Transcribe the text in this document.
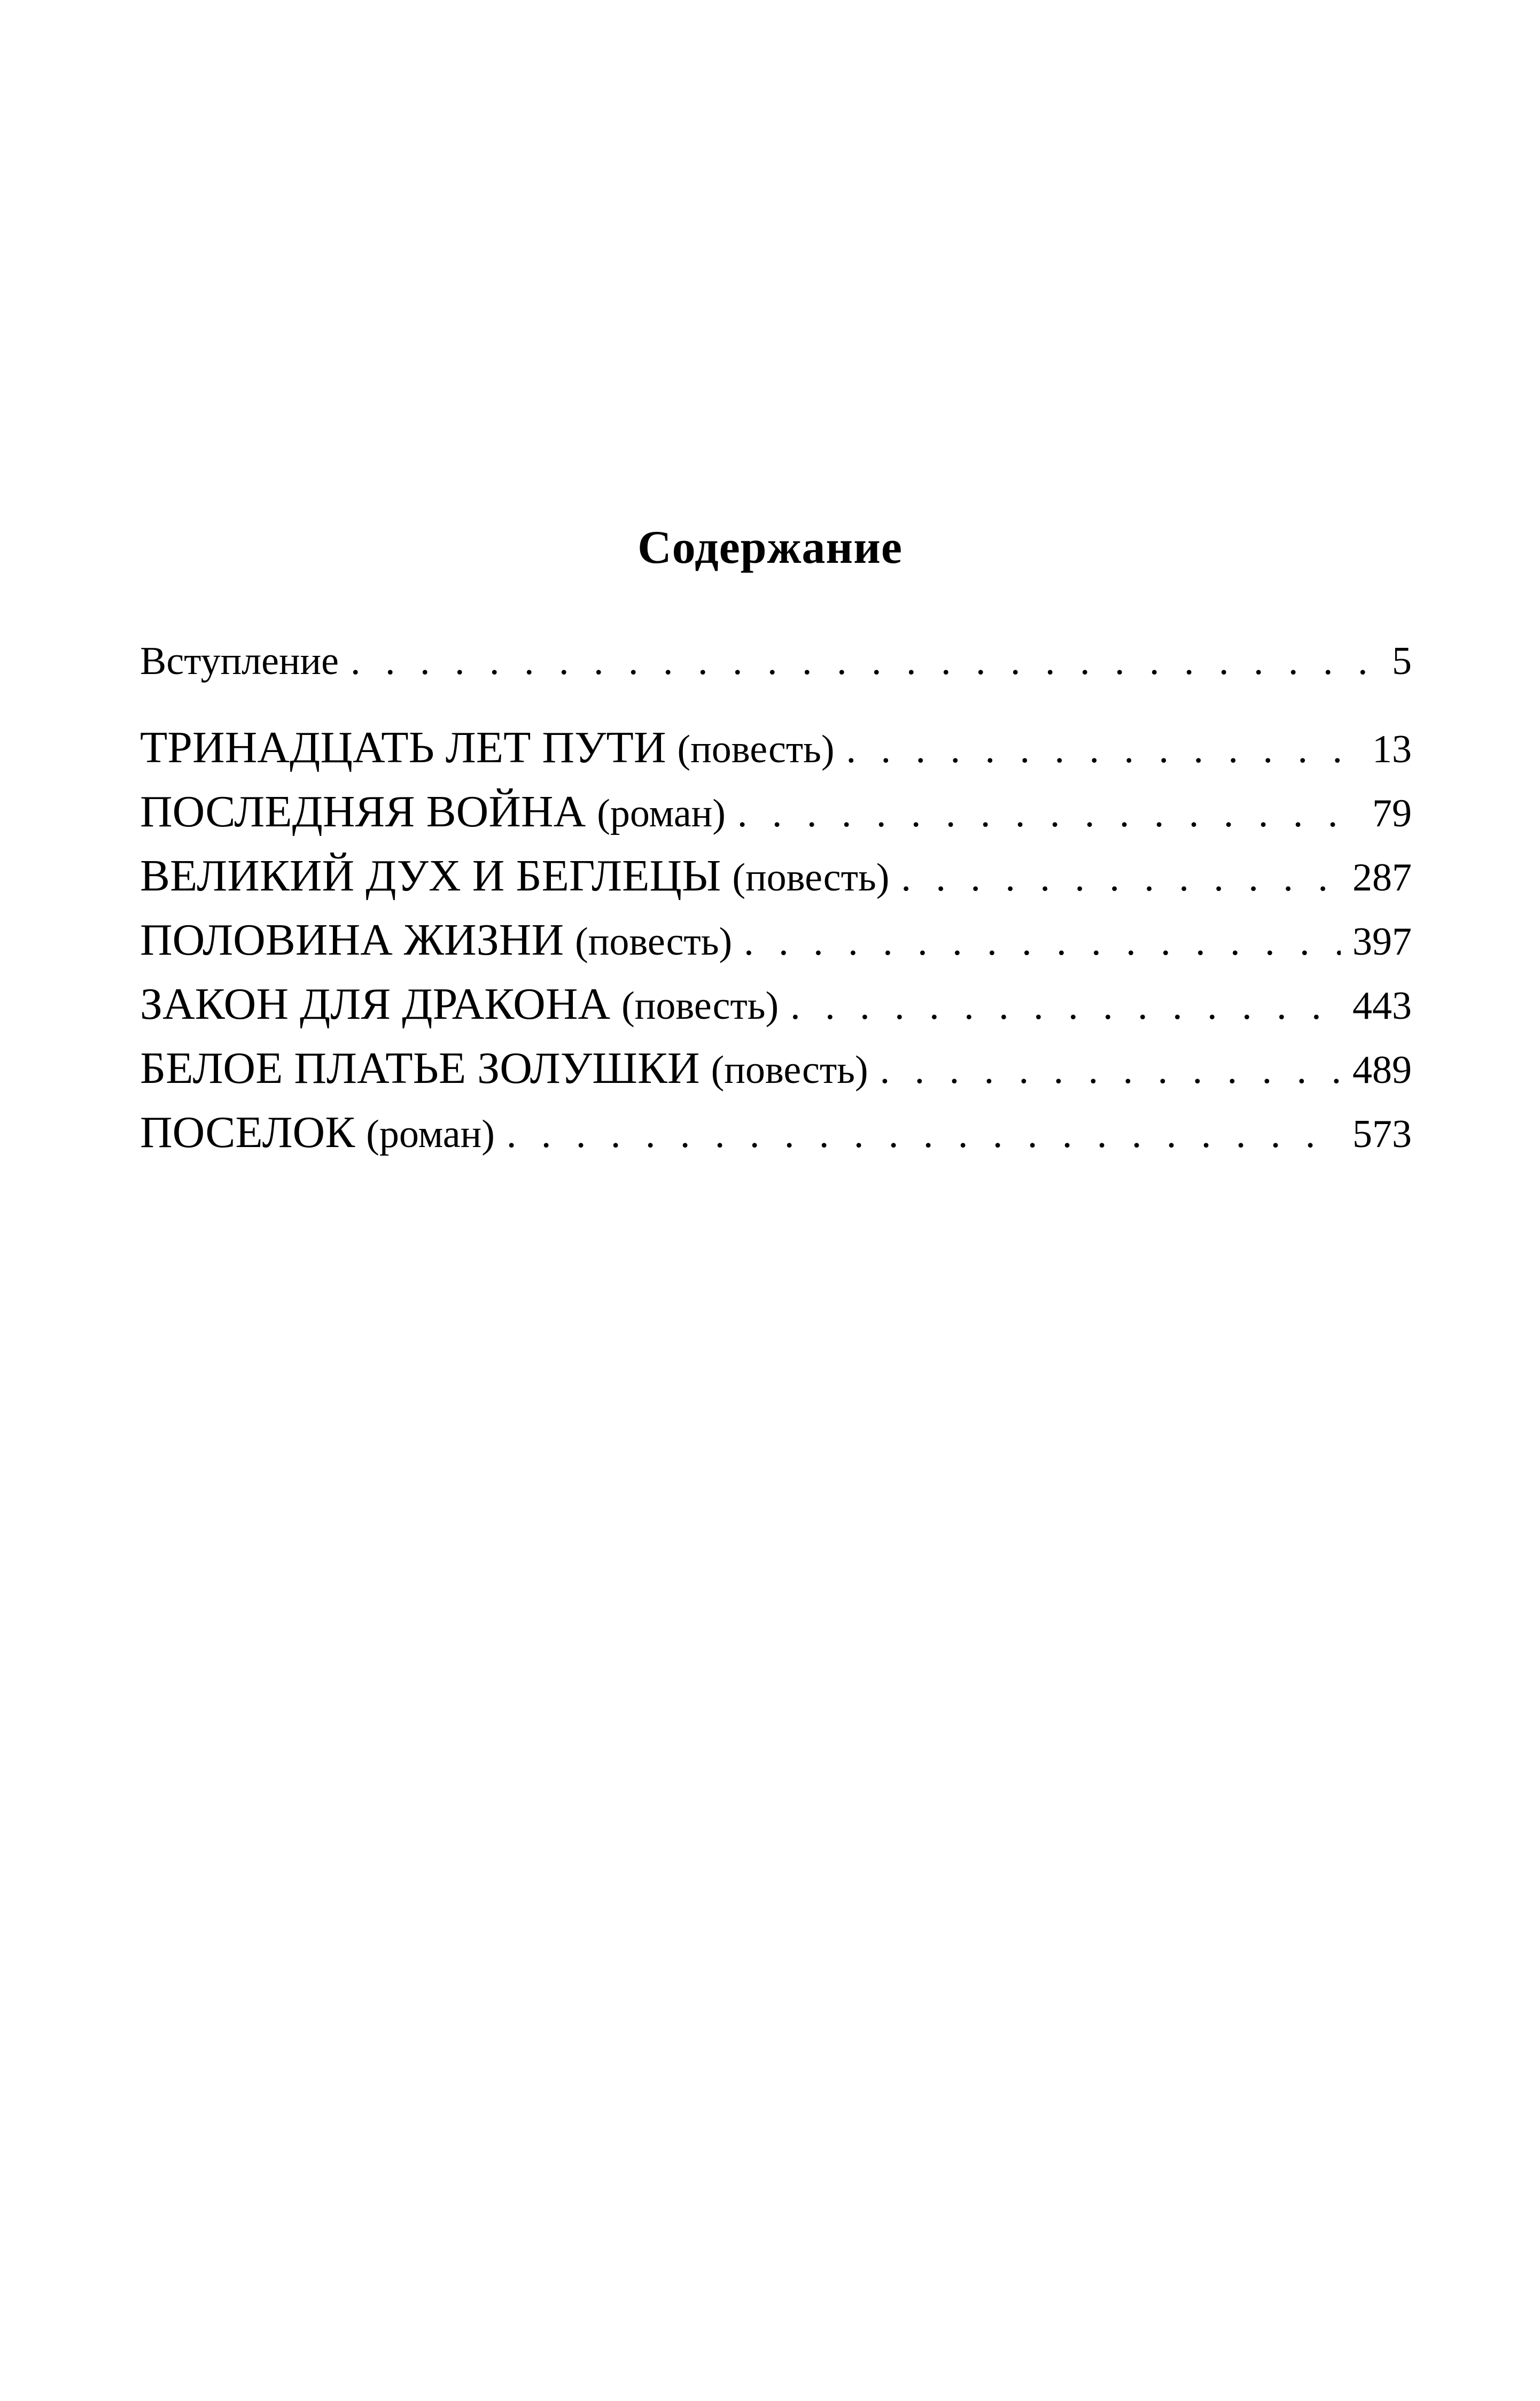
Содержание
Вступление . . .	5
ТРИНАДЦАТЬ ЛЕТ ПУТИ (повесть) . . .	13
ПОСЛЕДНЯЯ ВОЙНА (роман) . . .	79
ВЕЛИКИЙ ДУХ И БЕГЛЕЦЫ (повесть) . . .	287
ПОЛОВИНА ЖИЗНИ (повесть) . . .	397
ЗАКОН ДЛЯ ДРАКОНА (повесть) . . .	443
БЕЛОЕ ПЛАТЬЕ ЗОЛУШКИ (повесть) . . .	489
ПОСЕЛОК (роман) . . .	573
